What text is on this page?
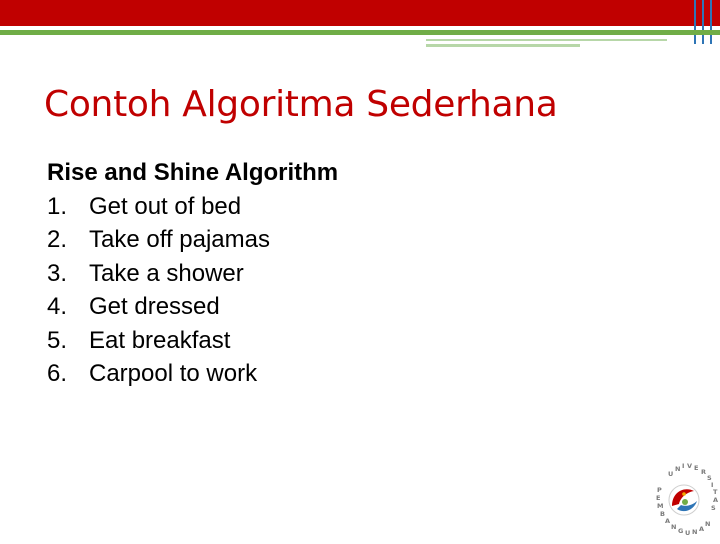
Contoh Algoritma Sederhana
Rise and Shine Algorithm
1. Get out of bed
2. Take off pajamas
3. Take a shower
4. Get dressed
5. Eat breakfast
6. Carpool to work
U
N I V E R
S
I
T
A
S
P
E
M
B
A
N G U N A
N
